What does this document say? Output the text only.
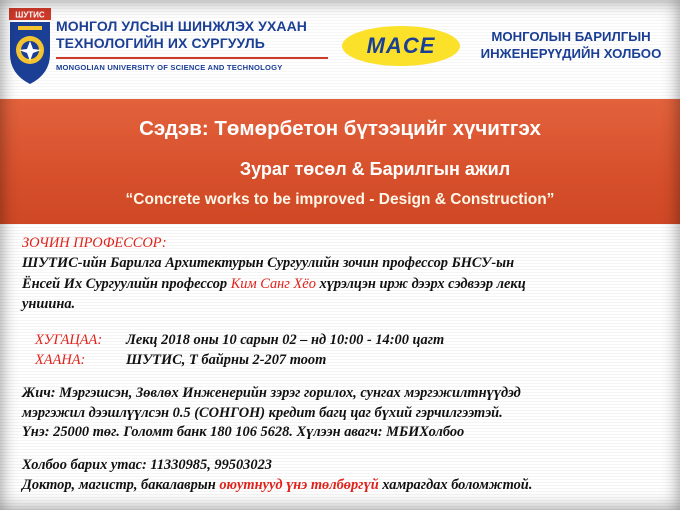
ШУТИС
МОНГОЛ УЛСЫН ШИНЖЛЭХ УХААН
ТЕХНОЛОГИЙН ИХ СУРГУУЛЬ
MONGOLIAN UNIVERSITY OF SCIENCE AND TECHNOLOGY
MACE	МОНГОЛЫН БАРИЛГЫН
ИНЖЕНЕРҮҮДИЙН ХОЛБОО
Сэдэв: Төмөрбетон бүтээцийг хүчитгэх
Зураг төсөл & Барилгын ажил
“Concrete works to be improved - Design & Construction”
ЗОЧИН ПРОФЕССОР:
ШУТИС-ийн Барилга Архитектурын Сургуулийн зочин профессор БНСУ-ын
Ёнсей Их Сургуулийн профессор Ким Санг Хёо хүрэлцэн ирж дээрх сэдвээр лекц
уншина.
ХУГАЦАА: Лекц 2018 оны 10 сарын 02 – нд 10:00 - 14:00 цагт
ХААНА:	ШУТИС, Т байрны 2-207 тоот
Жич: Мэргэшсэн, Зөвлөх Инженерийн зэрэг горилох, сунгах мэргэжилтнүүдэд
мэргэжил дээшлүүлсэн 0.5 (СОНГОН) кредит багц цаг бүхий гэрчилгээтэй.
Үнэ: 25000 төг. Голомт банк 180 106 5628. Хүлээн авагч: МБИХолбоо
Холбоо барих утас: 11330985, 99503023
Доктор, магистр, бакалаврын оюутнууд үнэ төлбөргүй хамрагдах боломжтой.
